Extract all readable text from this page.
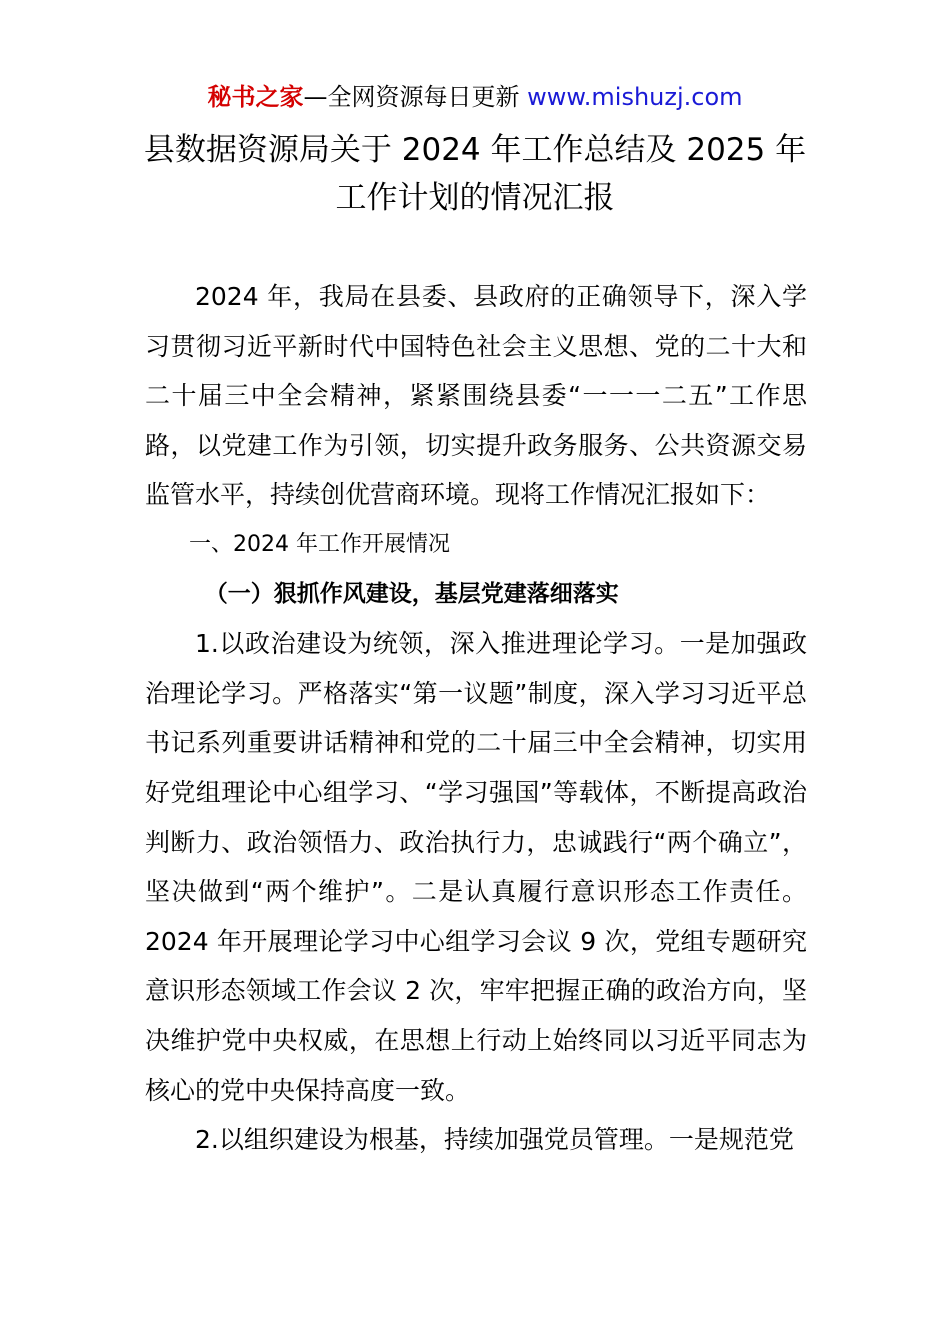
秘书之家—全网资源每日更新 www.mishuzj.com
县数据资源局关于 2024 年工作总结及 2025 年
工作计划的情况汇报

2024 年，我局在县委、县政府的正确领导下，深入学习贯彻习近平新时代中国特色社会主义思想、党的二十大和二十届三中全会精神，紧紧围绕县委“一一一二五”工作思路，以党建工作为引领，切实提升政务服务、公共资源交易监管水平，持续创优营商环境。现将工作情况汇报如下：

一、2024 年工作开展情况

（一）狠抓作风建设，基层党建落细落实

1.以政治建设为统领，深入推进理论学习。一是加强政治理论学习。严格落实“第一议题”制度，深入学习习近平总书记系列重要讲话精神和党的二十届三中全会精神，切实用好党组理论中心组学习、“学习强国”等载体，不断提高政治判断力、政治领悟力、政治执行力，忠诚践行“两个确立”，坚决做到“两个维护”。二是认真履行意识形态工作责任。2024 年开展理论学习中心组学习会议 9 次，党组专题研究意识形态领域工作会议 2 次，牢牢把握正确的政治方向，坚决维护党中央权威，在思想上行动上始终同以习近平同志为核心的党中央保持高度一致。

2.以组织建设为根基，持续加强党员管理。一是规范党
